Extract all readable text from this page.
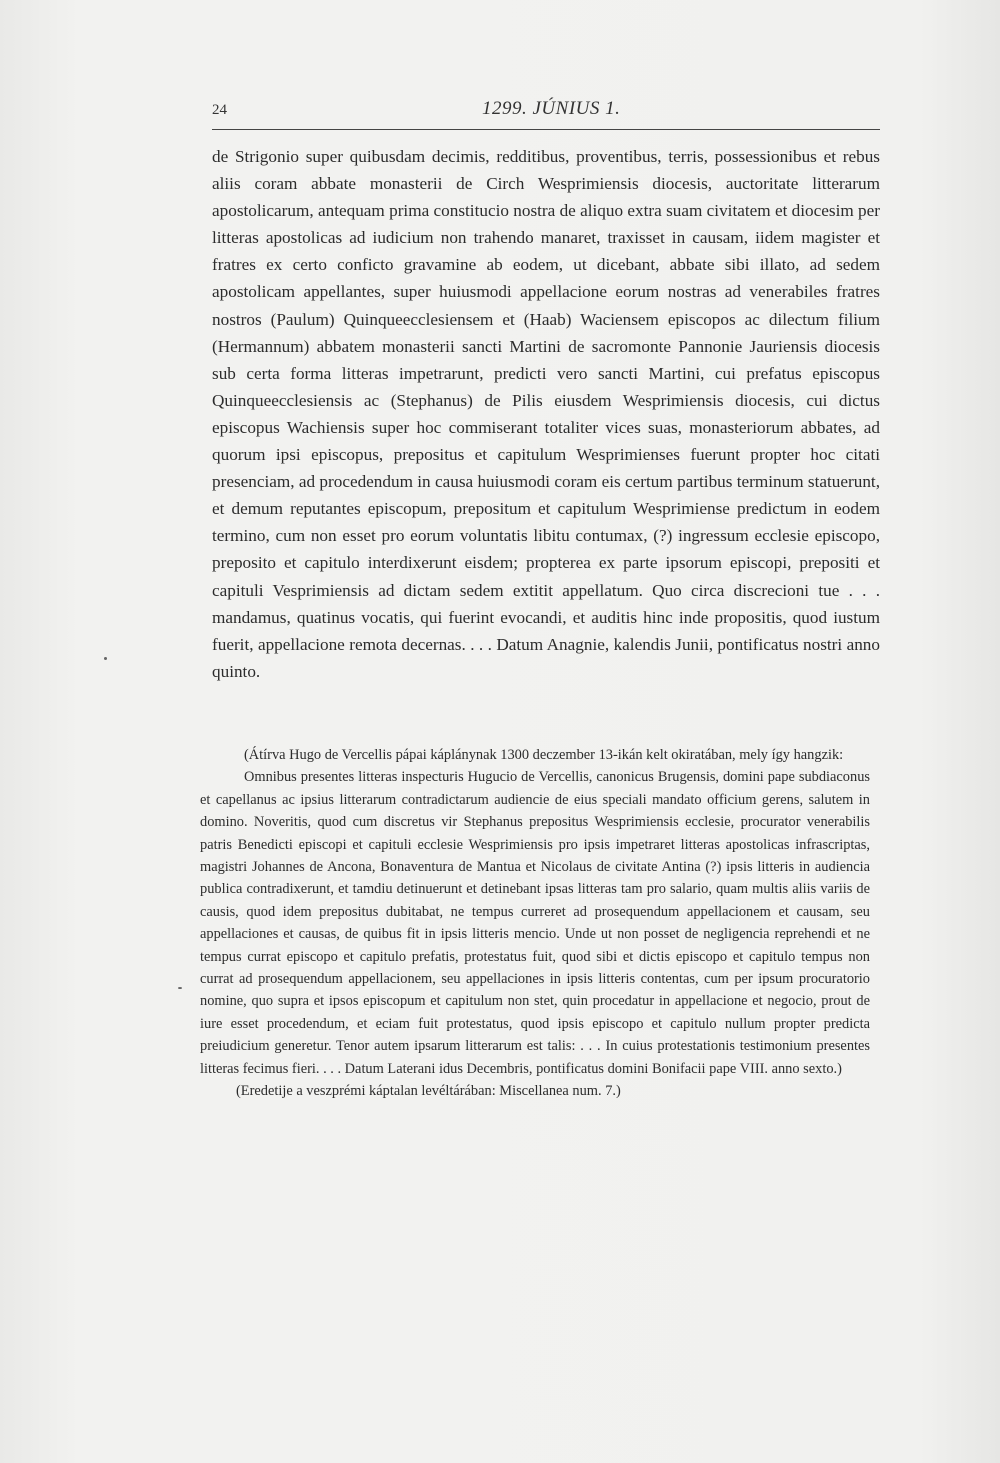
24	1299. JÚNIUS 1.

de Strigonio super quibusdam decimis, redditibus, proventibus, terris, possessionibus et rebus aliis coram abbate monasterii de Circh Wesprimiensis diocesis, auctoritate litterarum apostolicarum, antequam prima constitucio nostra de aliquo extra suam civitatem et diocesim per litteras apostolicas ad iudicium non trahendo manaret, traxisset in causam, iidem magister et fratres ex certo conficto gravamine ab eodem, ut dicebant, abbate sibi illato, ad sedem apostolicam appellantes, super huiusmodi appellacione eorum nostras ad venerabiles fratres nostros (Paulum) Quinqueecclesiensem et (Haab) Waciensem episcopos ac dilectum filium (Hermannum) abbatem monasterii sancti Martini de sacromonte Pannonie Jauriensis diocesis sub certa forma litteras impetrarunt, predicti vero sancti Martini, cui prefatus episcopus Quinqueecclesiensis ac (Stephanus) de Pilis eiusdem Wesprimiensis diocesis, cui dictus episcopus Wachiensis super hoc commiserant totaliter vices suas, monasteriorum abbates, ad quorum ipsi episcopus, prepositus et capitulum Wesprimienses fuerunt propter hoc citati presenciam, ad procedendum in causa huiusmodi coram eis certum partibus terminum statuerunt, et demum reputantes episcopum, prepositum et capitulum Wesprimiense predictum in eodem termino, cum non esset pro eorum voluntatis libitu contumax, (?) ingressum ecclesie episcopo, preposito et capitulo interdixerunt eisdem; propterea ex parte ipsorum episcopi, prepositi et capituli Vesprimiensis ad dictam sedem extitit appellatum. Quo circa discrecioni tue . . . mandamus, quatinus vocatis, qui fuerint evocandi, et auditis hinc inde propositis, quod iustum fuerit, appellacione remota decernas. . . . Datum Anagnie, kalendis Junii, pontificatus nostri anno quinto.

(Átírva Hugo de Vercellis pápai káplánynak 1300 deczember 13-ikán kelt okiratában, mely így hangzik:

Omnibus presentes litteras inspecturis Hugucio de Vercellis, canonicus Brugensis, domini pape subdiaconus et capellanus ac ipsius litterarum contradictarum audiencie de eius speciali mandato officium gerens, salutem in domino. Noveritis, quod cum discretus vir Stephanus prepositus Wesprimiensis ecclesie, procurator venerabilis patris Benedicti episcopi et capituli ecclesie Wesprimiensis pro ipsis impetraret litteras apostolicas infrascriptas, magistri Johannes de Ancona, Bonaventura de Mantua et Nicolaus de civitate Antina (?) ipsis litteris in audiencia publica contradixerunt, et tamdiu detinuerunt et detinebant ipsas litteras tam pro salario, quam multis aliis variis de causis, quod idem prepositus dubitabat, ne tempus curreret ad prosequendum appellacionem et causam, seu appellaciones et causas, de quibus fit in ipsis litteris mencio. Unde ut non posset de negligencia reprehendi et ne tempus currat episcopo et capitulo prefatis, protestatus fuit, quod sibi et dictis episcopo et capitulo tempus non currat ad prosequendum appellacionem, seu appellaciones in ipsis litteris contentas, cum per ipsum procuratorio nomine, quo supra et ipsos episcopum et capitulum non stet, quin procedatur in appellacione et negocio, prout de iure esset procedendum, et eciam fuit protestatus, quod ipsis episcopo et capitulo nullum propter predicta preiudicium generetur. Tenor autem ipsarum litterarum est talis: . . . In cuius protestationis testimonium presentes litteras fecimus fieri. . . . Datum Laterani idus Decembris, pontificatus domini Bonifacii pape VIII. anno sexto.)

(Eredetije a veszprémi káptalan levéltárában: Miscellanea num. 7.)
